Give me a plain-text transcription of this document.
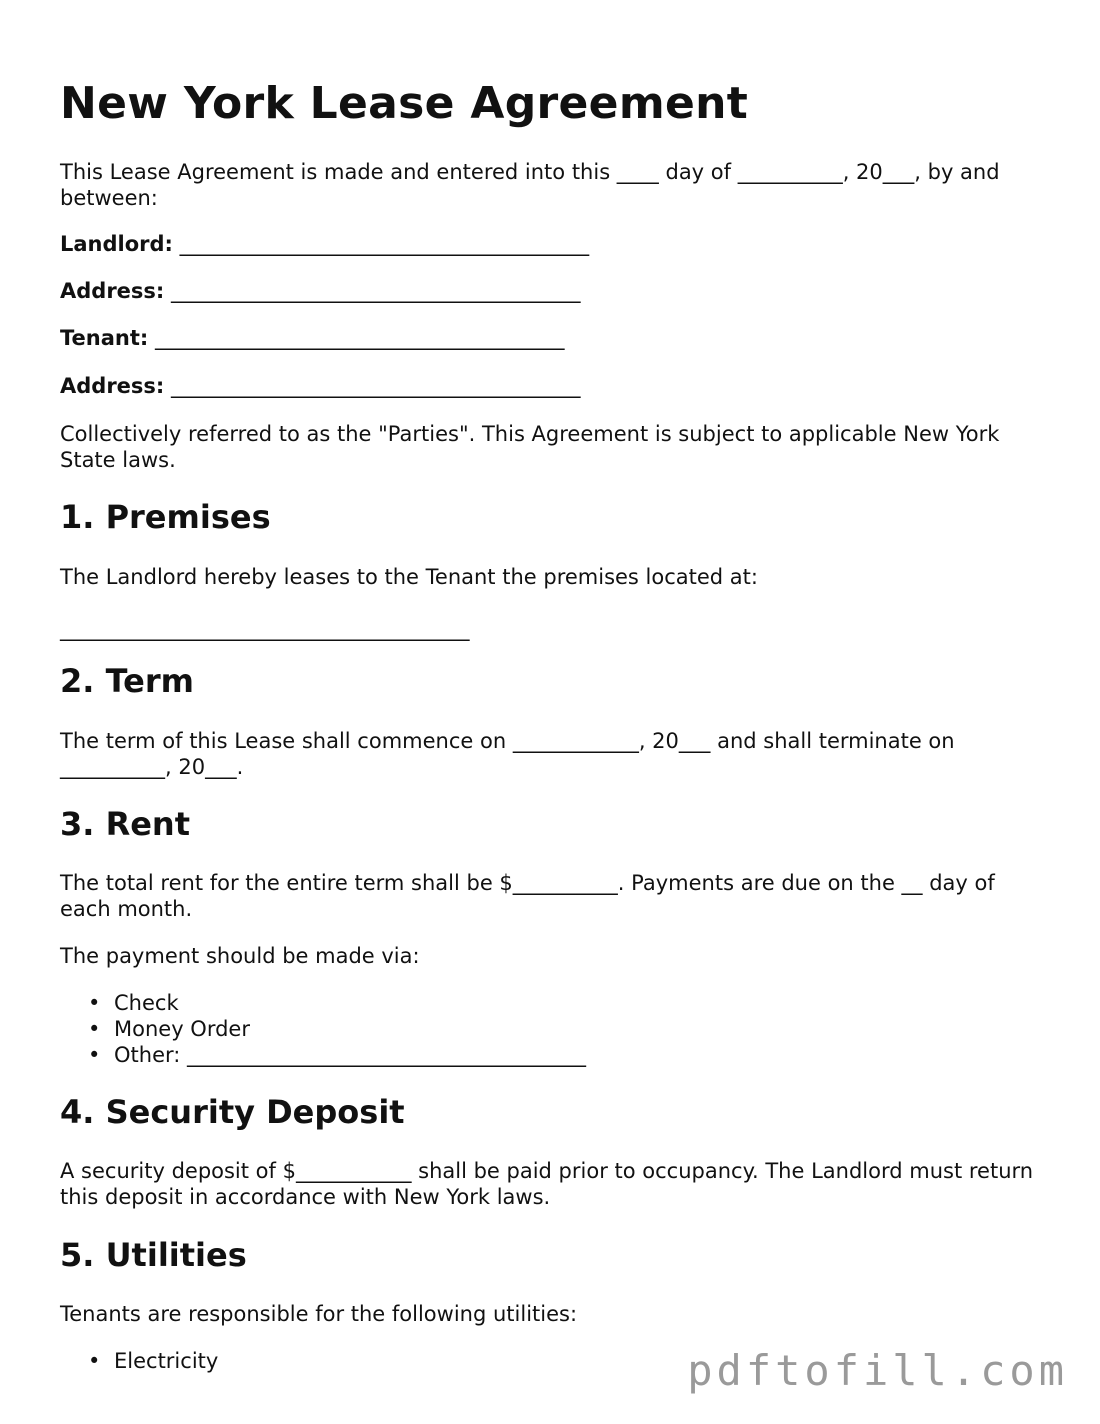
New York Lease Agreement

This Lease Agreement is made and entered into this ____ day of __________, 20___, by and between:

Landlord: _______________________________________
Address: _______________________________________
Tenant: _______________________________________
Address: _______________________________________

Collectively referred to as the "Parties". This Agreement is subject to applicable New York State laws.

1. Premises

The Landlord hereby leases to the Tenant the premises located at:

_______________________________________
2. Term

The term of this Lease shall commence on ____________, 20___ and shall terminate on __________, 20___.

3. Rent

The total rent for the entire term shall be $__________. Payments are due on the __ day of each month.

The payment should be made via:

• Check
• Money Order
• Other: ______________________________________
4. Security Deposit

A security deposit of $___________ shall be paid prior to occupancy. The Landlord must return this deposit in accordance with New York laws.

5. Utilities

Tenants are responsible for the following utilities:

• Electricity	pdftofill.com
